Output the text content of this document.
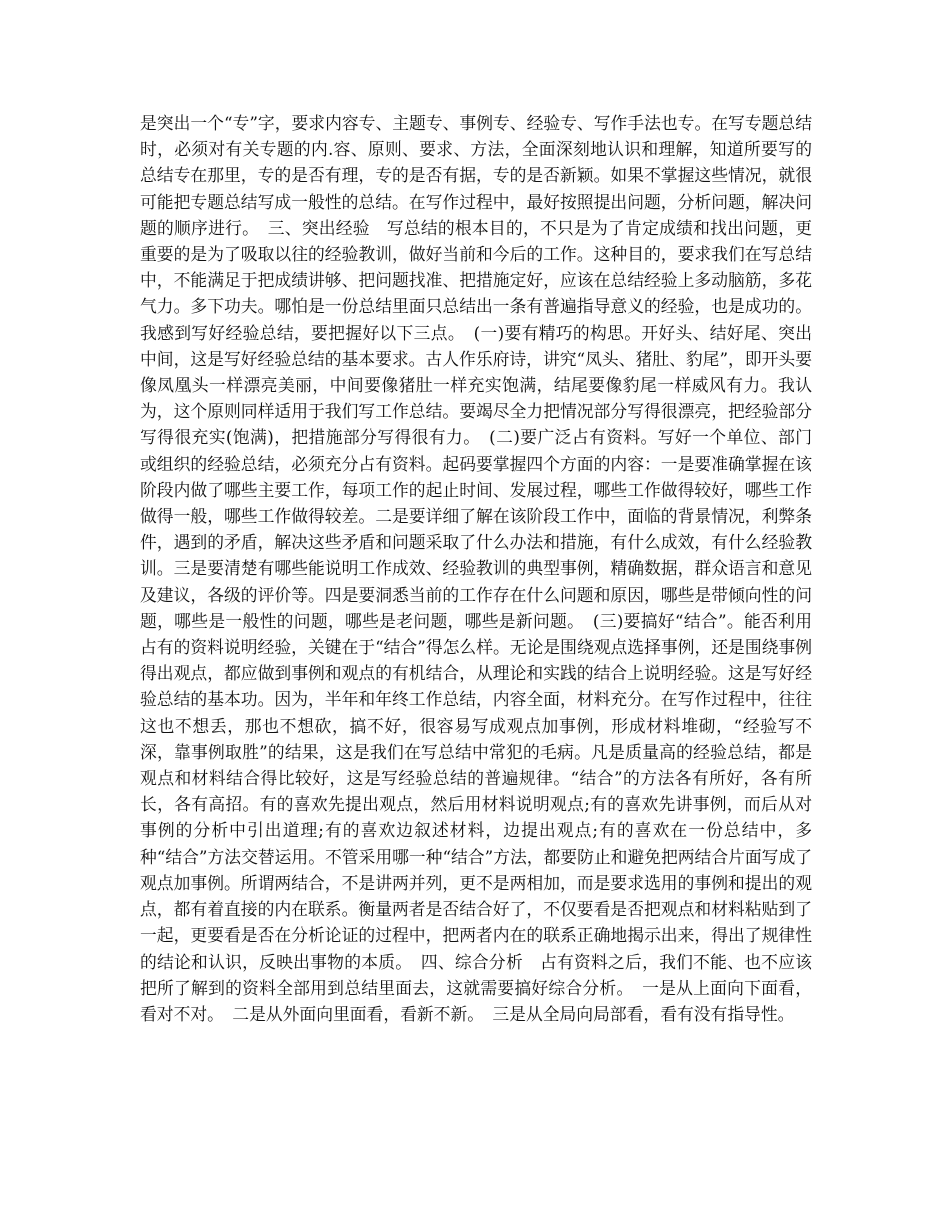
是突出一个“专”字，要求内容专、主题专、事例专、经验专、写作手法也专。在写专题总结时，必须对有关专题的内.容、原则、要求、方法，全面深刻地认识和理解，知道所要写的总结专在那里，专的是否有理，专的是否有据，专的是否新颖。如果不掌握这些情况，就很可能把专题总结写成一般性的总结。在写作过程中，最好按照提出问题，分析问题，解决问题的顺序进行。　三、突出经验　写总结的根本目的，不只是为了肯定成绩和找出问题，更重要的是为了吸取以往的经验教训，做好当前和今后的工作。这种目的，要求我们在写总结中，不能满足于把成绩讲够、把问题找准、把措施定好，应该在总结经验上多动脑筋，多花气力。多下功夫。哪怕是一份总结里面只总结出一条有普遍指导意义的经验，也是成功的。我感到写好经验总结，要把握好以下三点。　(一)要有精巧的构思。开好头、结好尾、突出中间，这是写好经验总结的基本要求。古人作乐府诗，讲究“凤头、猪肚、豹尾”，即开头要像凤凰头一样漂亮美丽，中间要像猪肚一样充实饱满，结尾要像豹尾一样威风有力。我认为，这个原则同样适用于我们写工作总结。要竭尽全力把情况部分写得很漂亮，把经验部分写得很充实(饱满)，把措施部分写得很有力。　(二)要广泛占有资料。写好一个单位、部门或组织的经验总结，必须充分占有资料。起码要掌握四个方面的内容：一是要准确掌握在该阶段内做了哪些主要工作，每项工作的起止时间、发展过程，哪些工作做得较好，哪些工作做得一般，哪些工作做得较差。二是要详细了解在该阶段工作中，面临的背景情况，利弊条件，遇到的矛盾，解决这些矛盾和问题采取了什么办法和措施，有什么成效，有什么经验教训。三是要清楚有哪些能说明工作成效、经验教训的典型事例，精确数据，群众语言和意见及建议，各级的评价等。四是要洞悉当前的工作存在什么问题和原因，哪些是带倾向性的问题，哪些是一般性的问题，哪些是老问题，哪些是新问题。　(三)要搞好“结合”。能否利用占有的资料说明经验，关键在于“结合”得怎么样。无论是围绕观点选择事例，还是围绕事例得出观点，都应做到事例和观点的有机结合，从理论和实践的结合上说明经验。这是写好经验总结的基本功。因为，半年和年终工作总结，内容全面，材料充分。在写作过程中，往往这也不想丢，那也不想砍，搞不好，很容易写成观点加事例，形成材料堆砌，“经验写不深，靠事例取胜”的结果，这是我们在写总结中常犯的毛病。凡是质量高的经验总结，都是观点和材料结合得比较好，这是写经验总结的普遍规律。“结合”的方法各有所好，各有所长，各有高招。有的喜欢先提出观点，然后用材料说明观点;有的喜欢先讲事例，而后从对事例的分析中引出道理;有的喜欢边叙述材料，边提出观点;有的喜欢在一份总结中，多种“结合”方法交替运用。不管采用哪一种“结合”方法，都要防止和避免把两结合片面写成了观点加事例。所谓两结合，不是讲两并列，更不是两相加，而是要求选用的事例和提出的观点，都有着直接的内在联系。衡量两者是否结合好了，不仅要看是否把观点和材料粘贴到了一起，更要看是否在分析论证的过程中，把两者内在的联系正确地揭示出来，得出了规律性的结论和认识，反映出事物的本质。　四、综合分析　占有资料之后，我们不能、也不应该把所了解到的资料全部用到总结里面去，这就需要搞好综合分析。　一是从上面向下面看，看对不对。　二是从外面向里面看，看新不新。　三是从全局向局部看，看有没有指导性。
